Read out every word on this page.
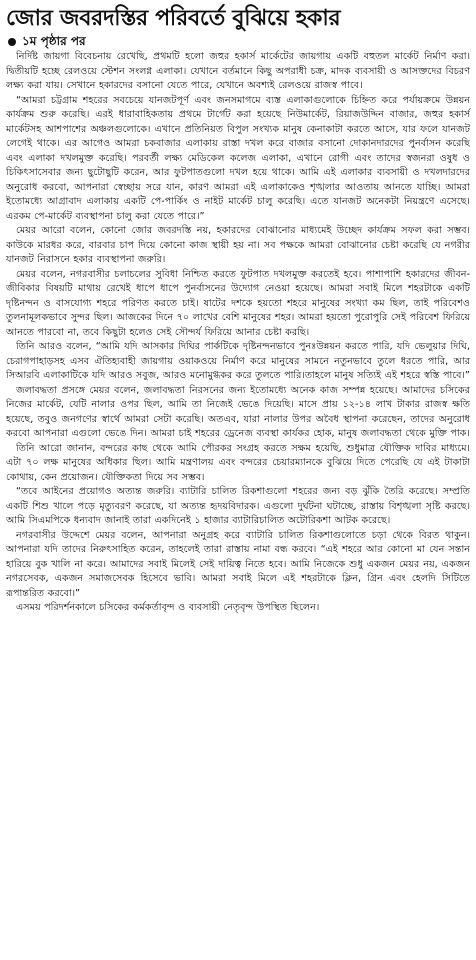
জোর জবরদস্তির পরিবর্তে বুঝিয়ে হকার
১ম পৃষ্ঠার পর

নির্দিষ্ট জায়গা বিবেচনায় রেখেছি, প্রথমটি হলো জহুর হকার্স মার্কেটের জায়গায় একটি বহুতল মার্কেট নির্মাণ করা। দ্বিতীয়টি হচ্ছে রেলওয়ে স্টেশন সংলগ্ন এলাকা। যেখানে বর্তমানে কিছু অপরাধী চক্র, মাদক ব্যবসায়ী ও আসক্তদের বিচরণ লক্ষ্য করা যায়। সেখানে হকারদের বসানো যেতে পারে, যেখানে অবশ্যই রেলওয়ে রাজস্ব পাবে।

“আমরা চট্টগ্রাম শহরের সবচেয়ে যানজটপূর্ণ এবং জনসমাগমে ব্যস্ত এলাকাগুলোকে চিহ্নিত করে পর্যায়ক্রমে উন্নয়ন কার্যক্রম শুরু করেছি। এরই ধারাবাহিকতায় প্রথমে টার্গেট করা হয়েছে নিউমার্কেট, রিয়াজউদ্দিন বাজার, জহুর হকার্স মার্কেটসহ আশপাশের অঞ্চলগুলোকে। এখানে প্রতিনিয়ত বিপুল সংখ্যক মানুষ কেনাকাটা করতে আসে, যার ফলে যানজট লেগেই থাকে। এর আগেও আমরা চকবাজার এলাকায় রাস্তা দখল করে বাজার বসানো দোকানদারদের পুনর্বাসন করেছি এবং এলাকা দখলমুক্ত করেছি। পরবর্তী লক্ষ্য মেডিকেল কলেজ এলাকা, এখানে রোগী এবং তাদের স্বজনরা ওষুধ ও চিকিৎসাসেবার জন্য ছুটোছুটি করেন, আর ফুটপাতগুলো দখল হয়ে থাকে। আমি এই এলাকার ব্যবসায়ী ও দখলদারদের অনুরোধ করবো, আপনারা স্বেচ্ছায় সরে যান, কারণ আমরা এই এলাকাকেও শৃঙ্খলার আওতায় আনতে যাচ্ছি। আমরা ইতোমধ্যে আগ্রাবাদ এলাকায় একটি পে-পার্কিং ও নাইট মার্কেট চালু করেছি। এতে যানজট অনেকটা নিয়ন্ত্রণে এসেছে। এরকম পে-মার্কেট ব্যবস্থাপনা চালু করা যেতে পারে।”

মেয়র আরো বলেন, কোনো জোর জবরদস্তি নয়, হকারদের বোঝানোর মাধ্যমেই উচ্ছেদ কার্যক্রম সফল করা সম্ভব। কাউকে মারধর করে, বারবার চাপ দিয়ে কোনো কাজ স্থায়ী হয় না। সব পক্ষকে আমরা বোঝানোর চেষ্টা করেছি যে নগরীর যানজট নিরাসনে হকার ব্যবস্থাপনা জরুরি।

মেয়র বলেন, নগরবাসীর চলাচলের সুবিধা নিশ্চিত করতে ফুটপাত দখলমুক্ত করতেই হবে। পাশাপাশি হকারদের জীবন-জীবিকার বিষয়টি মাথায় রেখেই ধাপে ধাপে পুনর্বাসনের উদ্যোগ নেওয়া হয়েছে। আমরা সবাই মিলে শহরটাকে একটি দৃষ্টিনন্দন ও বাসযোগ্য শহরে পরিণত করতে চাই। ষাটের দশকে হয়তো শহরে মানুষের সংখ্যা কম ছিল, তাই পরিবেশও তুলনামূলকভাবে সুন্দর ছিল। আজকের দিনে ৭০ লাখের বেশি মানুষের শহর। আমরা হয়তো পুরোপুরি সেই পরিবেশ ফিরিয়ে আনতে পারবো না, তবে কিছুটা হলেও সেই সৌন্দর্য ফিরিয়ে আনার চেষ্টা করছি।

তিনি আরও বলেন, “আমি যদি আসকার দিঘির পার্কটিকে দৃষ্টিনন্দনভাবে পুনঃউন্নয়ন করতে পারি, যদি ভেলুয়ার দিঘি, চেরাগপাহাড়সহ এসব ঐতিহ্যবাহী জায়গায় ওয়াকওয়ে নির্মাণ করে মানুষের সামনে নতুনভাবে তুলে ধরতে পারি, আর সিআরবি এলাকাটিকে যদি আরও সবুজ, আরও মনোমুগ্ধকর করে তুলতে পারি।তাহলে মানুষ সত্যিই এই শহরে স্বস্তি পাবে।”

জলাবদ্ধতা প্রসঙ্গে মেয়র বলেন, জলাবদ্ধতা নিরসনের জন্য ইতোমধ্যে অনেক কাজ সম্পন্ন হয়েছে। আমাদের চসিকের নিজের মার্কেট, যেটি নালার ওপর ছিল, আমি তা নিজেই ভেঙে দিয়েছি। মাসে প্রায় ১২-১৪ লাখ টাকার রাজস্ব ক্ষতি হয়েছে, তবুও জনগণের স্বার্থে আমরা সেটা করেছি। অতএব, যারা নালার উপর অবৈধ স্থাপনা করেছেন, তাদের অনুরোধ করবো আপনারা এগুলো ভেঙে দিন। আমরা চাই শহরের ড্রেনেজ ব্যবস্থা কার্যকর হোক, মানুষ জলাবদ্ধতা থেকে মুক্তি পাক।

তিনি আরো জানান, বন্দরের কাছ থেকে আমি পৌরকর সংগ্রহ করতে সক্ষম হয়েছি, শুধুমাত্র যৌক্তিক দাবির মাধ্যমে। এটা ৭০ লক্ষ মানুষের অধিকার ছিল। আমি মন্ত্রণালয় এবং বন্দরের চেয়ারম্যানকে বুঝিয়ে দিতে পেরেছি যে এই টাকাটা কোথায়, কেন প্রয়োজন। যৌক্তিকতা দিয়ে সব সম্ভব।

“তবে আইনের প্রয়োগও অত্যন্ত জরুরি। ব্যাটারি চালিত রিকশাগুলো শহরের জন্য বড় ঝুঁকি তৈরি করেছে। সম্প্রতি একটি শিশু খালে পড়ে মৃত্যুবরণ করেছে, যা অত্যন্ত হৃদয়বিদারক। এগুলো দুর্ঘটনা ঘটাচ্ছে, রাস্তায় বিশৃঙ্খলা সৃষ্টি করছে। আমি সিএমপিকে ধন্যবাদ জানাই তারা একদিনেই ১ হাজার ব্যাটারিচালিত অটোরিকশা আটক করেছে।

নগরবাসীর উদ্দেশে মেয়র বলেন, আপনারা অনুগ্রহ করে ব্যাটারি চালিত রিকশাগুলোতে চড়া থেকে বিরত থাকুন। আপনারা যদি তাদের নিরুৎসাহিত করেন, তাহলেই তারা রাস্তায় নামা বন্ধ করবে। “এই শহরে আর কোনো মা যেন সন্তান হারিয়ে বুক খালি না করে। আমাদের সবাই মিলেই সেই দায়িত্ব নিতে হবে। আমি নিজেকে শুধু একজন মেয়র নয়, একজন নগরসেবক, একজন সমাজসেবক হিসেবে ভাবি। আমরা সবাই মিলে এই শহরটাকে ক্লিন, গ্রিন এবং হেলদি সিটিতে রূপান্তরিত করবো।”

এসময় পরিদর্শনকালে চসিকের কর্মকর্তাবৃন্দ ও ব্যবসায়ী নেতৃবৃন্দ উপস্থিত ছিলেন।
